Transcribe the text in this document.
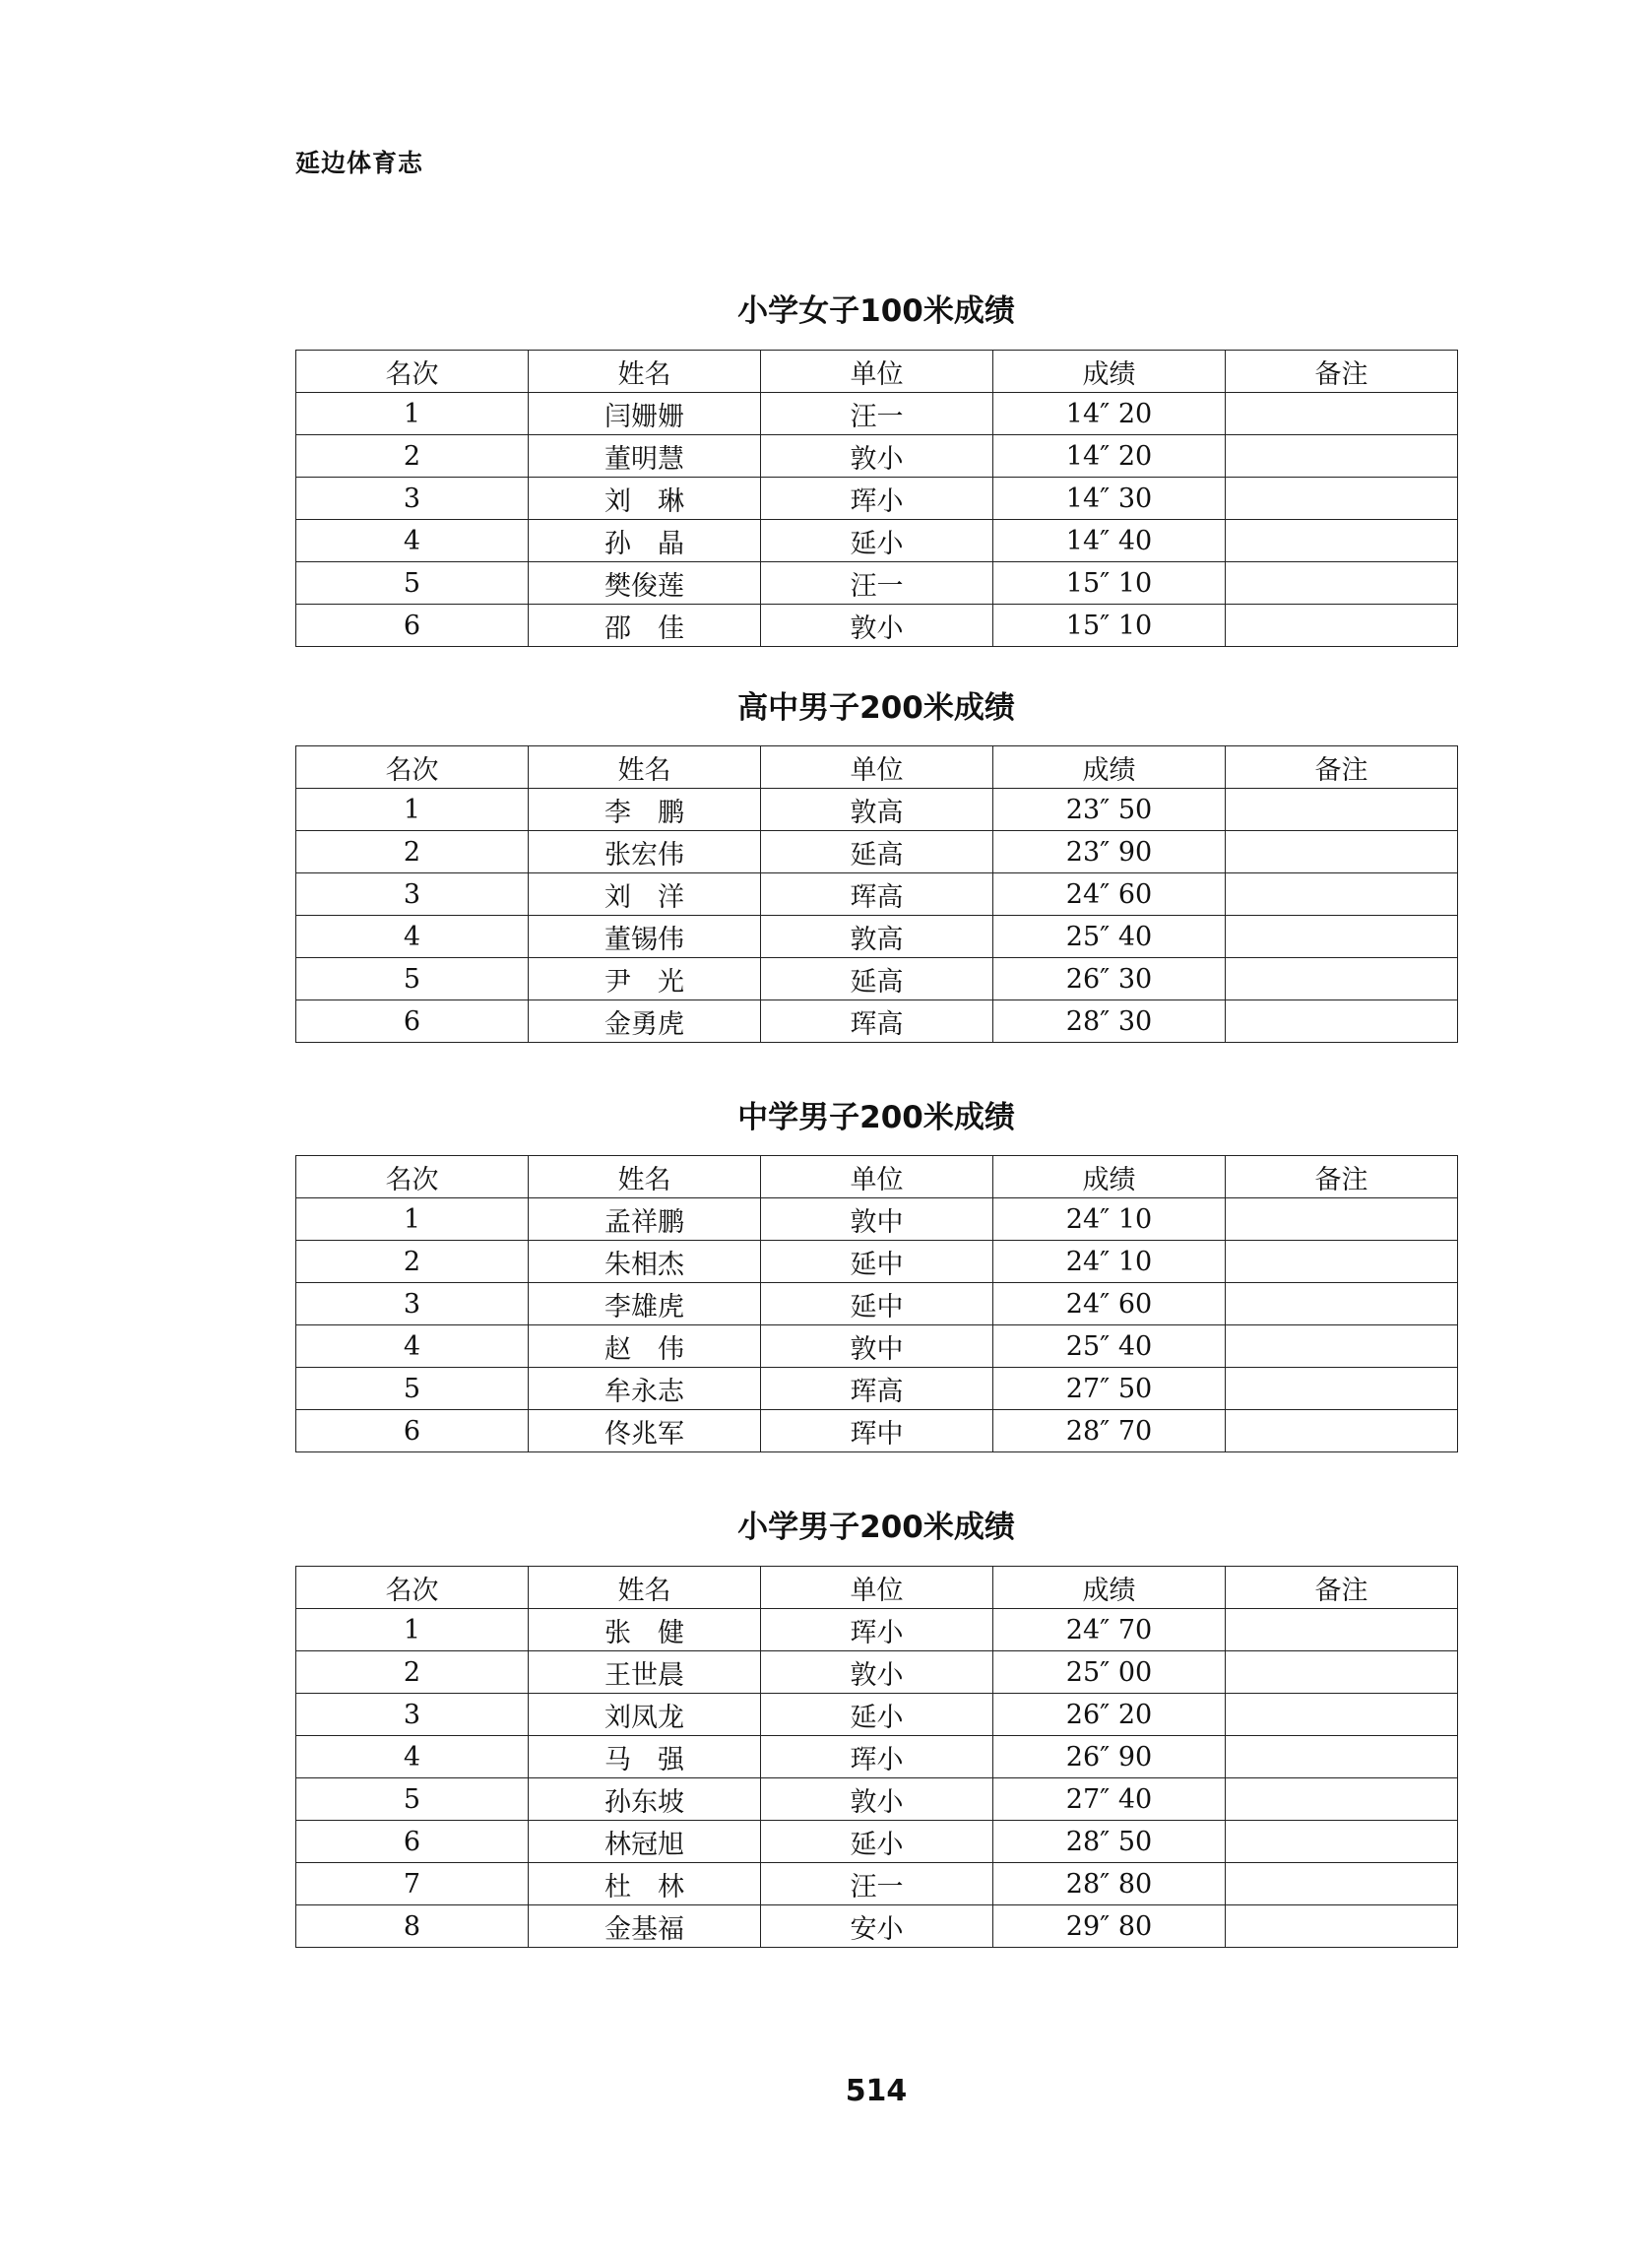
延边体育志
小学女子100米成绩
名次	姓名	单位	成绩	备注
1	闫姗姗	汪一	14″ 20	
2	董明慧	敦小	14″ 20	
3	刘　琳	珲小	14″ 30	
4	孙　晶	延小	14″ 40	
5	樊俊莲	汪一	15″ 10	
6	邵　佳	敦小	15″ 10	
高中男子200米成绩
名次	姓名	单位	成绩	备注
1	李　鹏	敦高	23″ 50	
2	张宏伟	延高	23″ 90	
3	刘　洋	珲高	24″ 60	
4	董锡伟	敦高	25″ 40	
5	尹　光	延高	26″ 30	
6	金勇虎	珲高	28″ 30	
中学男子200米成绩
名次	姓名	单位	成绩	备注
1	孟祥鹏	敦中	24″ 10	
2	朱相杰	延中	24″ 10	
3	李雄虎	延中	24″ 60	
4	赵　伟	敦中	25″ 40	
5	牟永志	珲高	27″ 50	
6	佟兆军	珲中	28″ 70	
小学男子200米成绩
名次	姓名	单位	成绩	备注
1	张　健	珲小	24″ 70	
2	王世晨	敦小	25″ 00	
3	刘凤龙	延小	26″ 20	
4	马　强	珲小	26″ 90	
5	孙东坡	敦小	27″ 40	
6	林冠旭	延小	28″ 50	
7	杜　林	汪一	28″ 80	
8	金基福	安小	29″ 80	
514
